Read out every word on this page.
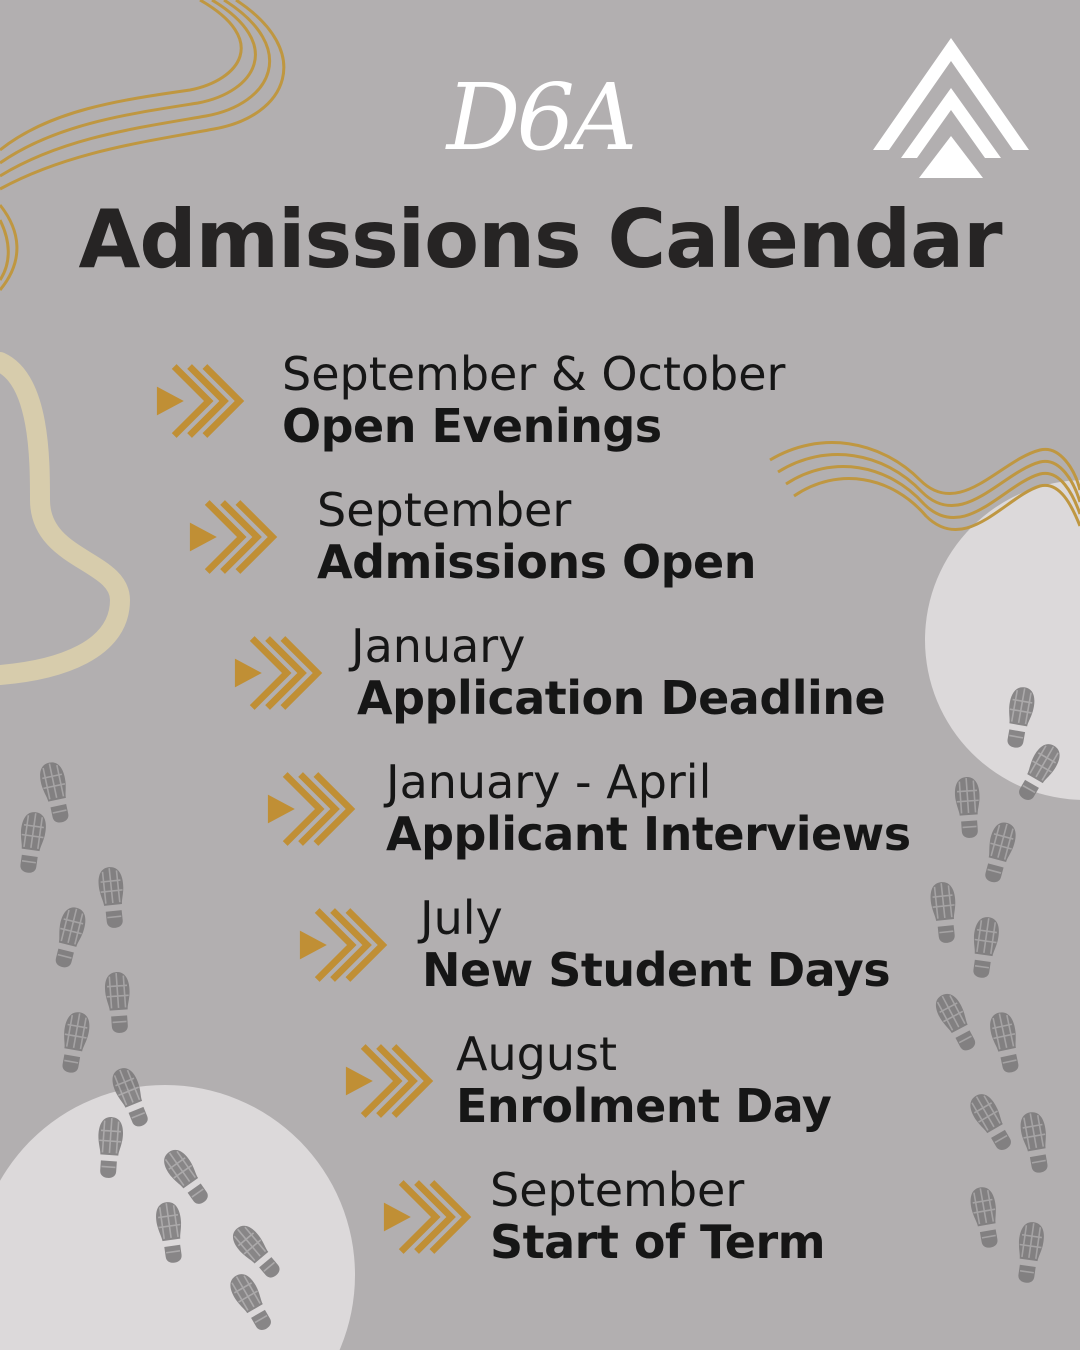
D6A
Admissions Calendar
September & October
Open Evenings
September
Admissions Open
January
Application Deadline
January - April
Applicant Interviews
July
New Student Days
August
Enrolment Day
September
Start of Term
